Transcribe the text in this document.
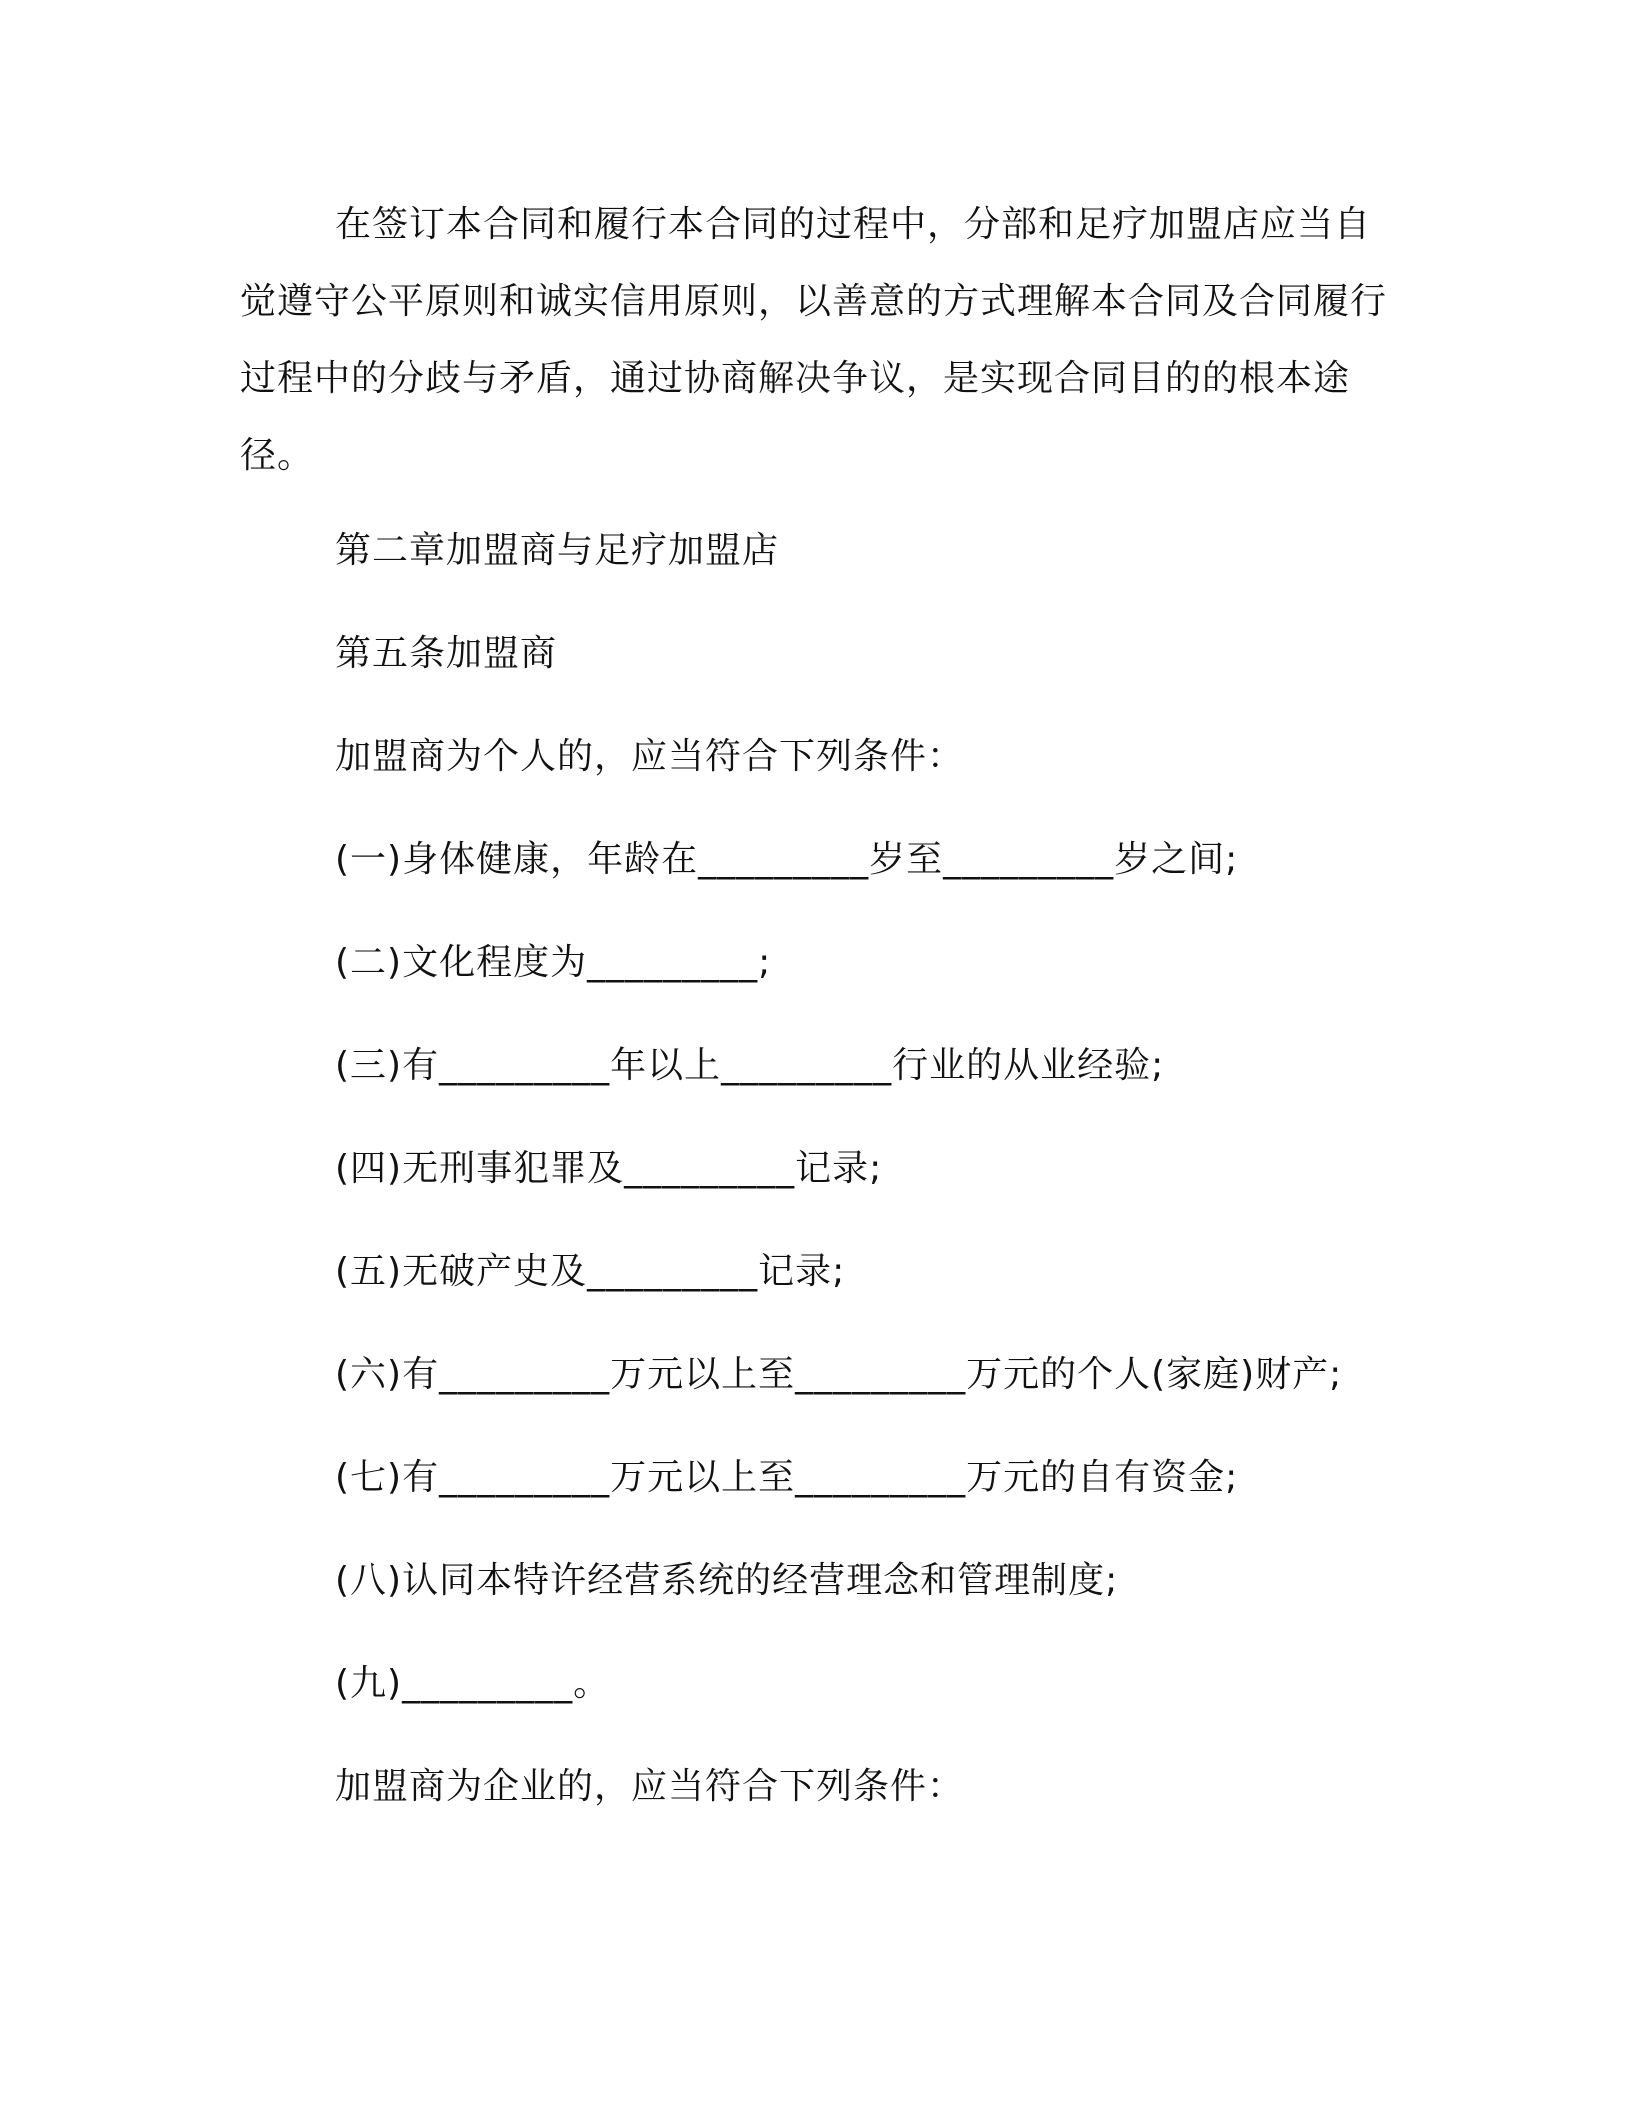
在签订本合同和履行本合同的过程中，分部和足疗加盟店应当自觉遵守公平原则和诚实信用原则，以善意的方式理解本合同及合同履行过程中的分歧与矛盾，通过协商解决争议，是实现合同目的的根本途径。

第二章加盟商与足疗加盟店

第五条加盟商

加盟商为个人的，应当符合下列条件：

(一)身体健康，年龄在_________岁至_________岁之间;

(二)文化程度为_________;

(三)有_________年以上_________行业的从业经验;

(四)无刑事犯罪及_________记录;

(五)无破产史及_________记录;

(六)有_________万元以上至_________万元的个人(家庭)财产;

(七)有_________万元以上至_________万元的自有资金;

(八)认同本特许经营系统的经营理念和管理制度;

(九)_________。

加盟商为企业的，应当符合下列条件：
